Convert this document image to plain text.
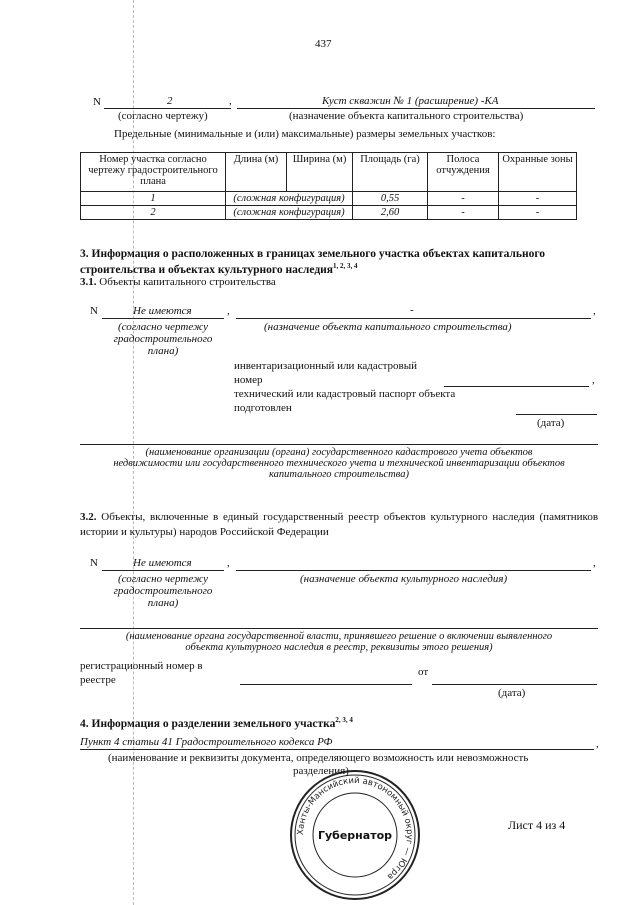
437
N	2	,	Куст скважин № 1 (расширение) -КА
(согласно чертежу)	(назначение объекта капитального строительства)
Предельные (минимальные и (или) максимальные) размеры земельных участков:
Номер участка согласно чертежу градостроительного плана	Длина (м)	Ширина (м)	Площадь (га)	Полоса отчуждения	Охранные зоны
1	(сложная конфигурация)		0,55	-	-
2	(сложная конфигурация)		2,60	-	-
3. Информация о расположенных в границах земельного участка объектах капитального
строительства и объектах культурного наследия$^{1, 2, 3, 4}$
3.1. Объекты капитального строительства
N	Не имеются	,	-	,
(согласно чертежу
градостроительного
плана)
(назначение объекта капитального строительства)
инвентаризационный или кадастровый
номер	,
технический или кадастровый паспорт объекта
подготовлен
(дата)
(наименование организации (органа) государственного кадастрового учета объектов
недвижимости или государственного технического учета и технической инвентаризации объектов
капитального строительства)
3.2. Объекты, включенные в единый государственный реестр объектов культурного наследия (памятников истории и культуры) народов Российской Федерации
N	Не имеются	,	,
(согласно чертежу
градостроительного
плана)
(назначение объекта культурного наследия)
(наименование органа государственной власти, принявшего решение о включении выявленного
объекта культурного наследия в реестр, реквизиты этого решения)
регистрационный номер в
реестре
от
(дата)
4. Информация о разделении земельного участка$^{2, 3, 4}$
Пункт 4 статьи 41 Градостроительного кодекса РФ	,
(наименование и реквизиты документа, определяющего возможность или невозможность
разделения)
Ханты-Мансийский автономный округ — Югра
Губернатор
Лист 4 из 4
